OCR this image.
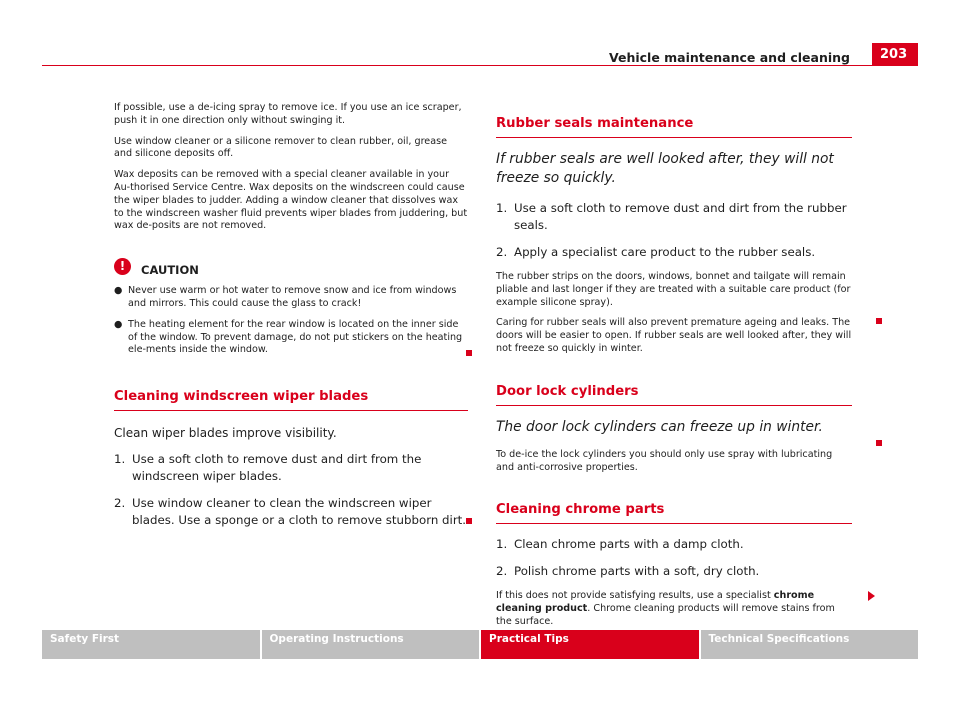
Vehicle maintenance and cleaning	203

If possible, use a de-icing spray to remove ice. If you use an ice scraper, push it in one direction only without swinging it.

Use window cleaner or a silicone remover to clean rubber, oil, grease and silicone deposits off.

Wax deposits can be removed with a special cleaner available in your Au-thorised Service Centre. Wax deposits on the windscreen could cause the wiper blades to judder. Adding a window cleaner that dissolves wax to the windscreen washer fluid prevents wiper blades from juddering, but wax de-posits are not removed.

!	CAUTION
● Never use warm or hot water to remove snow and ice from windows and mirrors. This could cause the glass to crack!
● The heating element for the rear window is located on the inner side of the window. To prevent damage, do not put stickers on the heating ele-ments inside the window.
Cleaning windscreen wiper blades

Clean wiper blades improve visibility.

1. Use a soft cloth to remove dust and dirt from the windscreen wiper blades.
2. Use window cleaner to clean the windscreen wiper blades. Use a sponge or a cloth to remove stubborn dirt.
Rubber seals maintenance

If rubber seals are well looked after, they will not freeze so quickly.

1. Use a soft cloth to remove dust and dirt from the rubber seals.
2. Apply a specialist care product to the rubber seals.

The rubber strips on the doors, windows, bonnet and tailgate will remain pliable and last longer if they are treated with a suitable care product (for example silicone spray).

Caring for rubber seals will also prevent premature ageing and leaks. The doors will be easier to open. If rubber seals are well looked after, they will not freeze so quickly in winter.

Door lock cylinders

The door lock cylinders can freeze up in winter.

To de-ice the lock cylinders you should only use spray with lubricating and anti-corrosive properties.

Cleaning chrome parts
1. Clean chrome parts with a damp cloth.
2. Polish chrome parts with a soft, dry cloth.

If this does not provide satisfying results, use a specialist chrome cleaning product. Chrome cleaning products will remove stains from the surface.

Safety First	Operating Instructions	Practical Tips	Technical Specifications
